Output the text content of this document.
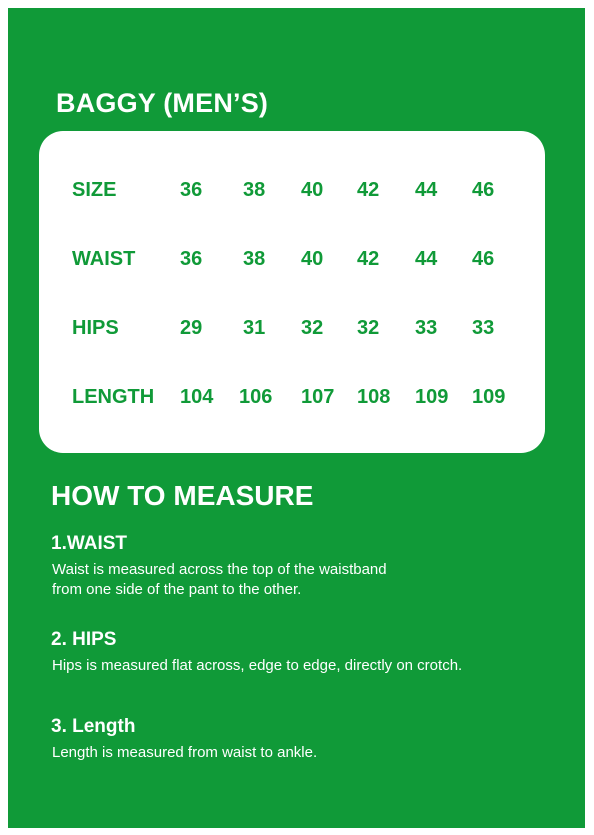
BAGGY (MEN’S)
SIZE	36 38 40 42 44 46
WAIST 36 38 40 42 44 46
HIPS	29 31 32 32 33 33
LENGTH 104 106 107 108 109 109
HOW TO MEASURE
1.WAIST
Waist is measured across the top of the waistband
from one side of the pant to the other.
2. HIPS
Hips is measured flat across, edge to edge, directly on crotch.
3. Length
Length is measured from waist to ankle.
